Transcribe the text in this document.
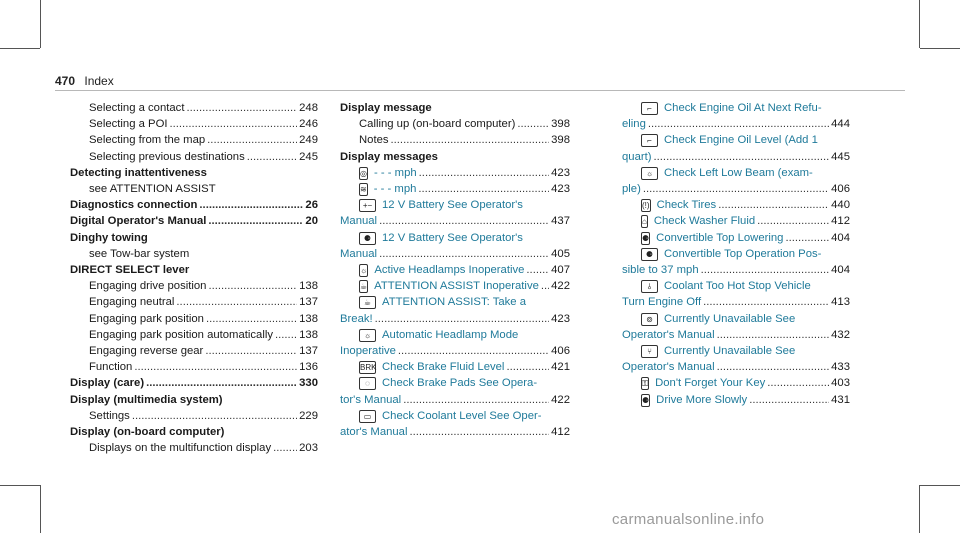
470 Index
Selecting a contact .....	248
Selecting a POI .....	246
Selecting from the map .....	249
Selecting previous destinations .....	245
Detecting inattentiveness
see ATTENTION ASSIST
Diagnostics connection .....	26
Digital Operator's Manual .....	20
Dinghy towing
see Tow-bar system
DIRECT SELECT lever
Engaging drive position .....	138
Engaging neutral .....	137
Engaging park position .....	138
Engaging park position automatically ..... 138
Engaging reverse gear .....	137
Function .....	136
Display (care) .....	330
Display (multimedia system)
Settings .....	229
Display (on-board computer)
Displays on the multifunction display ..... 203
Display message
Calling up (on-board computer) .....	398
Notes .....	398
Display messages
◎ - - - mph .....	423
≋ - - - mph .....	423
+− 12 V Battery See Operator's
Manual .....	437
⚈ 12 V Battery See Operator's
Manual .....	405
☼ Active Headlamps Inoperative ..... 407
☕ ATTENTION ASSIST Inoperative ..... 422
☕ ATTENTION ASSIST: Take a
Break! .....	423
☼ Automatic Headlamp Mode
Inoperative .....	406
BRK Check Brake Fluid Level .....	421
◌	Check Brake Pads See Opera-
tor's Manual .....	422
▭ Check Coolant Level See Oper-
ator's Manual .....	412
⌐	Check Engine Oil At Next Refu-
eling .....	444
⌐	Check Engine Oil Level (Add 1
quart) .....	445
☼ Check Left Low Beam (exam-
ple) .....	406
(!) Check Tires .....	440
⌂ Check Washer Fluid .....	412
⚈ Convertible Top Lowering .....	404
⚈ Convertible Top Operation Pos-
sible to 37 mph .....	404
⫰	Coolant Too Hot Stop Vehicle
Turn Engine Off .....	413
⊚ Currently Unavailable See
Operator's Manual .....	432
⑂	Currently Unavailable See
Operator's Manual .....	433
⚿ Don't Forget Your Key .....	403
⚈ Drive More Slowly .....	431
carmanualsonline.info
